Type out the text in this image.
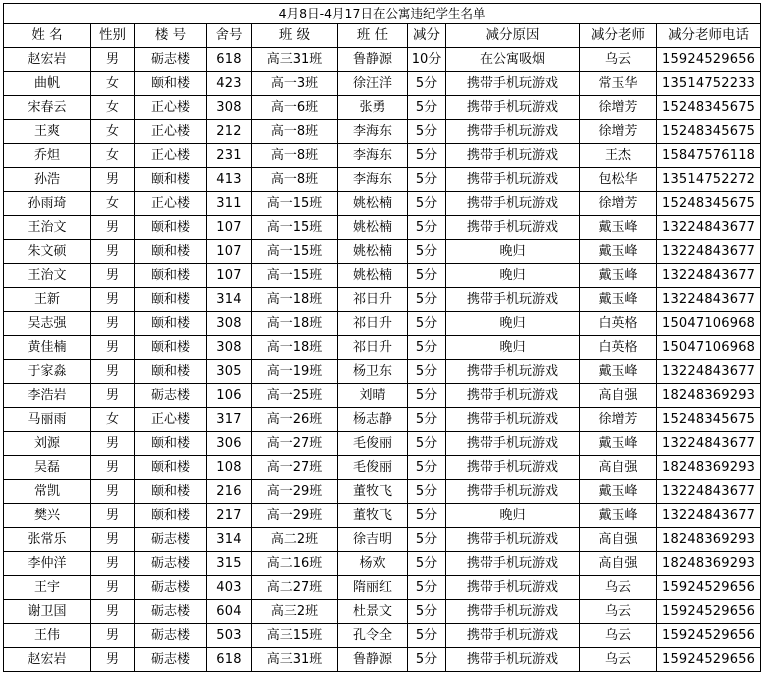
4月8日-4月17日在公寓违纪学生名单									
姓 名	性别	楼 号	舍号	班 级	班 任	减分	减分原因	减分老师	减分老师电话
赵宏岩	男	砺志楼	618	高三31班	鲁静源	10分	在公寓吸烟	乌云	15924529656
曲帆	女	颐和楼	423	高一3班	徐汪洋	5分	携带手机玩游戏	常玉华	13514752233
宋春云	女	正心楼	308	高一6班	张勇	5分	携带手机玩游戏	徐增芳	15248345675
王爽	女	正心楼	212	高一8班	李海东	5分	携带手机玩游戏	徐增芳	15248345675
乔炟	女	正心楼	231	高一8班	李海东	5分	携带手机玩游戏	王杰	15847576118
孙浩	男	颐和楼	413	高一8班	李海东	5分	携带手机玩游戏	包松华	13514752272
孙雨琦	女	正心楼	311	高一15班	姚松楠	5分	携带手机玩游戏	徐增芳	15248345675
王治文	男	颐和楼	107	高一15班	姚松楠	5分	携带手机玩游戏	戴玉峰	13224843677
朱文硕	男	颐和楼	107	高一15班	姚松楠	5分	晚归	戴玉峰	13224843677
王治文	男	颐和楼	107	高一15班	姚松楠	5分	晚归	戴玉峰	13224843677
王新	男	颐和楼	314	高一18班	祁日升	5分	携带手机玩游戏	戴玉峰	13224843677
吴志强	男	颐和楼	308	高一18班	祁日升	5分	晚归	白英格	15047106968
黄佳楠	男	颐和楼	308	高一18班	祁日升	5分	晚归	白英格	15047106968
于家淼	男	颐和楼	305	高一19班	杨卫东	5分	携带手机玩游戏	戴玉峰	13224843677
李浩岩	男	砺志楼	106	高一25班	刘晴	5分	携带手机玩游戏	高自强	18248369293
马丽雨	女	正心楼	317	高一26班	杨志静	5分	携带手机玩游戏	徐增芳	15248345675
刘源	男	颐和楼	306	高一27班	毛俊丽	5分	携带手机玩游戏	戴玉峰	13224843677
吴磊	男	颐和楼	108	高一27班	毛俊丽	5分	携带手机玩游戏	高自强	18248369293
常凯	男	颐和楼	216	高一29班	董牧飞	5分	携带手机玩游戏	戴玉峰	13224843677
樊兴	男	颐和楼	217	高一29班	董牧飞	5分	晚归	戴玉峰	13224843677
张常乐	男	砺志楼	314	高二2班	徐吉明	5分	携带手机玩游戏	高自强	18248369293
李仲洋	男	砺志楼	315	高二16班	杨欢	5分	携带手机玩游戏	高自强	18248369293
王宇	男	砺志楼	403	高二27班	隋丽红	5分	携带手机玩游戏	乌云	15924529656
谢卫国	男	砺志楼	604	高三2班	杜景文	5分	携带手机玩游戏	乌云	15924529656
王伟	男	砺志楼	503	高三15班	孔令全	5分	携带手机玩游戏	乌云	15924529656
赵宏岩	男	砺志楼	618	高三31班	鲁静源	5分	携带手机玩游戏	乌云	15924529656
